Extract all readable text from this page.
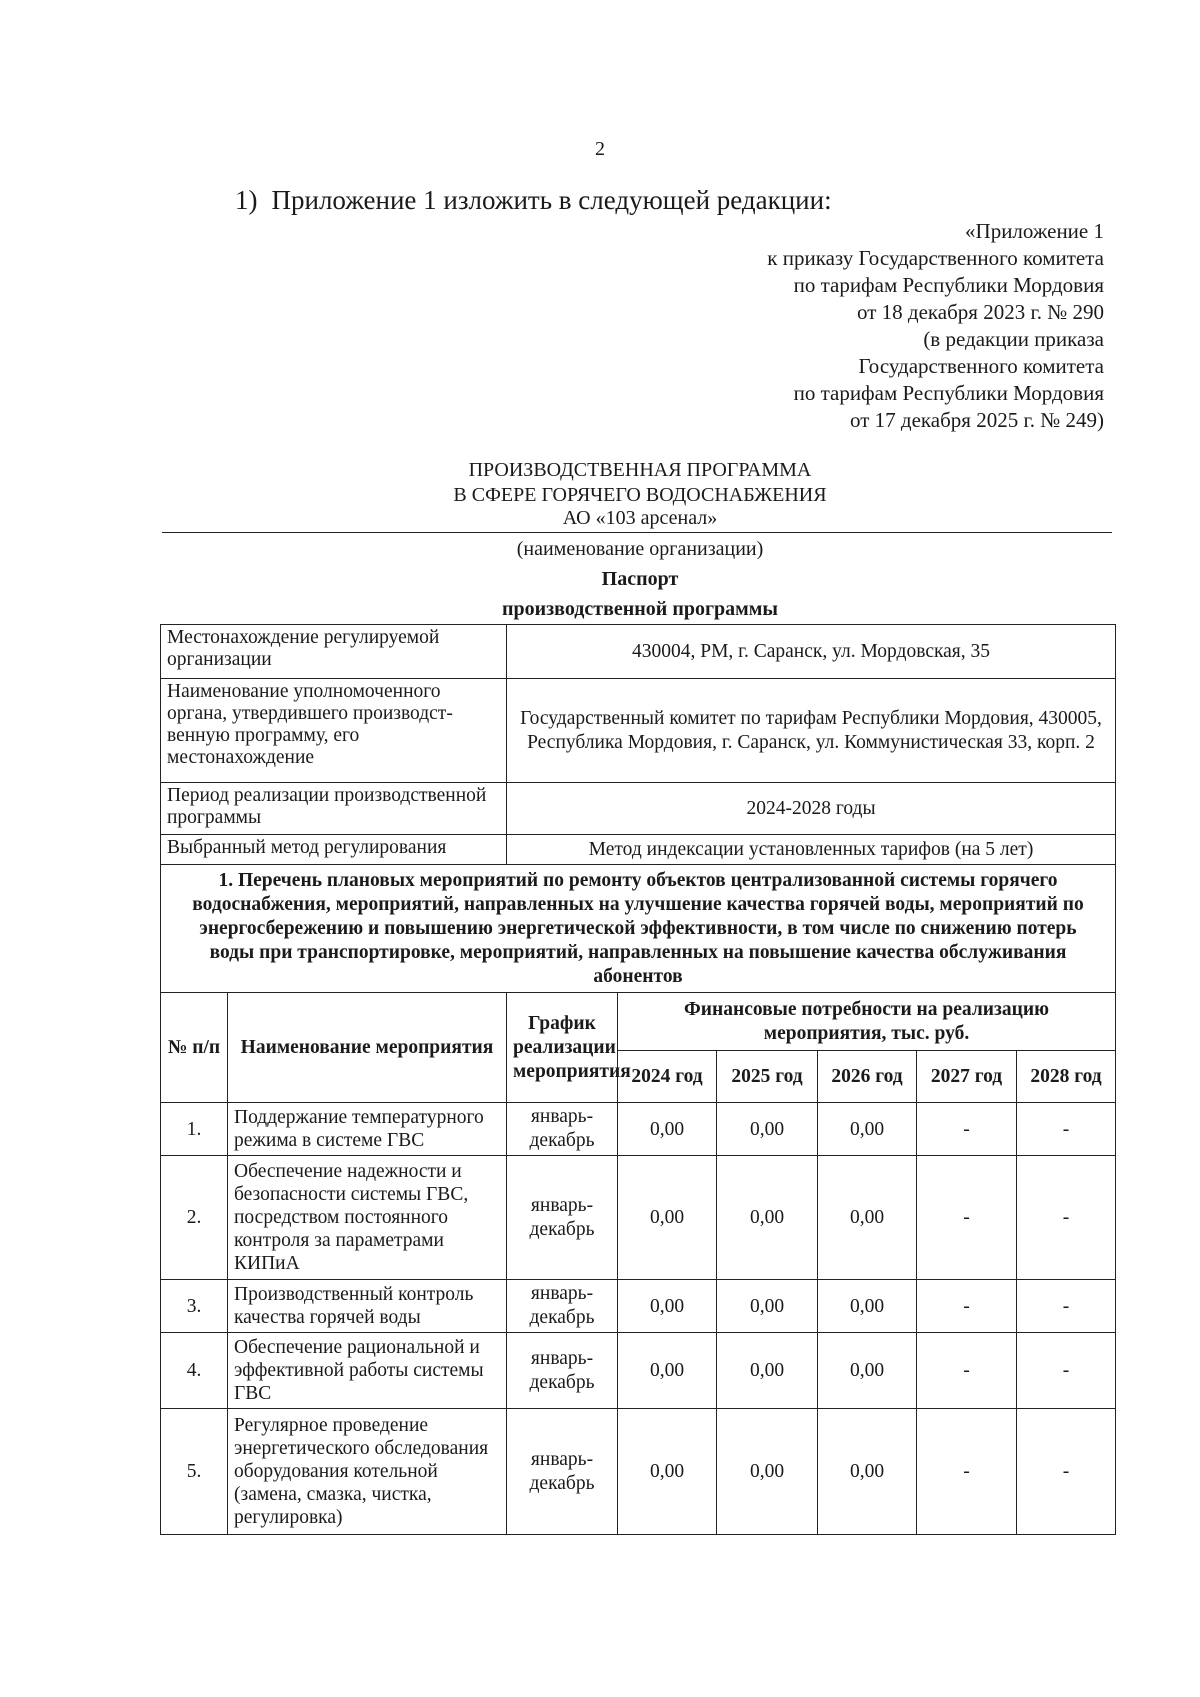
2
1) Приложение 1 изложить в следующей редакции:
«Приложение 1
к приказу Государственного комитета
по тарифам Республики Мордовия
от 18 декабря 2023 г. № 290
(в редакции приказа
Государственного комитета
по тарифам Республики Мордовия
от 17 декабря 2025 г. № 249)
ПРОИЗВОДСТВЕННАЯ ПРОГРАММА
В СФЕРЕ ГОРЯЧЕГО ВОДОСНАБЖЕНИЯ
АО «103 арсенал»
(наименование организации)
Паспорт
производственной программы
Местонахождение регулируемой организации		430004, РМ, г. Саранск, ул. Мордовская, 35					
Наименование уполномоченного органа, утвердившего производственную программу, его местонахождение		Государственный комитет по тарифам Республики Мордовия, 430005, Республика Мордовия, г. Саранск, ул. Коммунистическая 33, корп. 2					
Период реализации производственной программы		2024-2028 годы					
Выбранный метод регулирования		Метод индексации установленных тарифов (на 5 лет)					
1. Перечень плановых мероприятий по ремонту объектов централизованной системы горячего водоснабжения, мероприятий, направленных на улучшение качества горячей воды, мероприятий по энергосбережению и повышению энергетической эффективности, в том числе по снижению потерь воды при транспортировке, мероприятий, направленных на повышение качества обслуживания абонентов							
№ п/п	Наименование мероприятия	График реализации мероприятия	Финансовые потребности на реализацию мероприятия, тыс. руб.				
			2024 год	2025 год	2026 год	2027 год	2028 год
1.	Поддержание температурного режима в системе ГВС	январь-декабрь	0,00	0,00	0,00	-	-
2.	Обеспечение надежности и безопасности системы ГВС, посредством постоянного контроля за параметрами КИПиА	январь-декабрь	0,00	0,00	0,00	-	-
3.	Производственный контроль качества горячей воды	январь-декабрь	0,00	0,00	0,00	-	-
4.	Обеспечение рациональной и эффективной работы системы ГВС	январь-декабрь	0,00	0,00	0,00	-	-
5.	Регулярное проведение энергетического обследования оборудования котельной (замена, смазка, чистка, регулировка)	январь-декабрь	0,00	0,00	0,00	-	-
